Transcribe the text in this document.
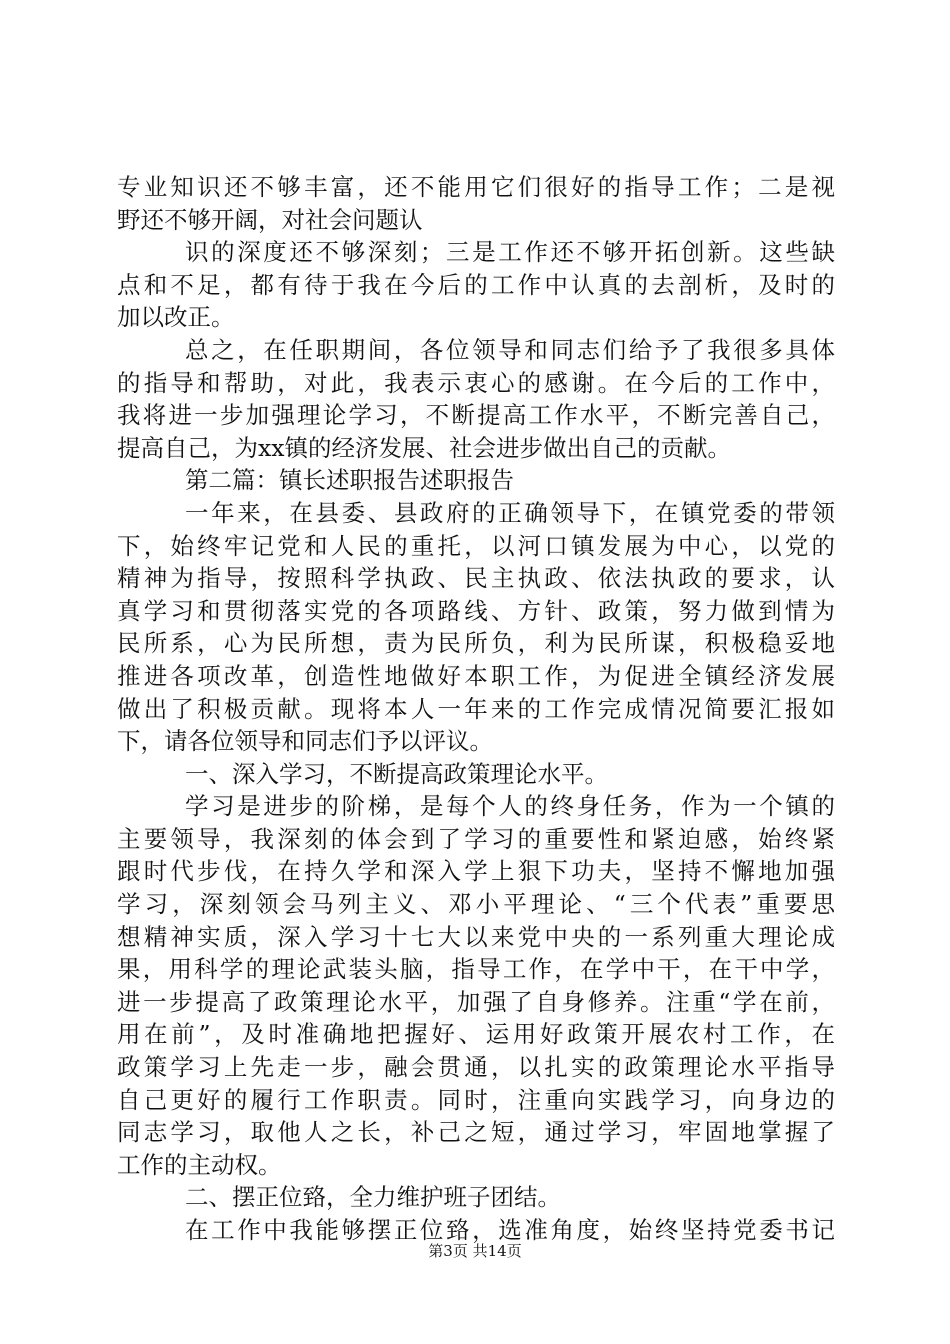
专业知识还不够丰富，还不能用它们很好的指导工作；二是视
野还不够开阔，对社会问题认
识的深度还不够深刻；三是工作还不够开拓创新。这些缺
点和不足，都有待于我在今后的工作中认真的去剖析，及时的
加以改正。
总之，在任职期间，各位领导和同志们给予了我很多具体
的指导和帮助，对此，我表示衷心的感谢。在今后的工作中，
我将进一步加强理论学习，不断提高工作水平，不断完善自己，
提高自己，为xx镇的经济发展、社会进步做出自己的贡献。
第二篇：镇长述职报告述职报告
一年来，在县委、县政府的正确领导下，在镇党委的带领
下，始终牢记党和人民的重托，以河口镇发展为中心，以党的
精神为指导，按照科学执政、民主执政、依法执政的要求，认
真学习和贯彻落实党的各项路线、方针、政策，努力做到情为
民所系，心为民所想，责为民所负，利为民所谋，积极稳妥地
推进各项改革，创造性地做好本职工作，为促进全镇经济发展
做出了积极贡献。现将本人一年来的工作完成情况简要汇报如
下，请各位领导和同志们予以评议。
一、深入学习，不断提高政策理论水平。
学习是进步的阶梯，是每个人的终身任务，作为一个镇的
主要领导，我深刻的体会到了学习的重要性和紧迫感，始终紧
跟时代步伐，在持久学和深入学上狠下功夫，坚持不懈地加强
学习，深刻领会马列主义、邓小平理论、“三个代表”重要思
想精神实质，深入学习十七大以来党中央的一系列重大理论成
果，用科学的理论武装头脑，指导工作，在学中干，在干中学，
进一步提高了政策理论水平，加强了自身修养。注重“学在前，
用在前”，及时准确地把握好、运用好政策开展农村工作，在
政策学习上先走一步，融会贯通，以扎实的政策理论水平指导
自己更好的履行工作职责。同时，注重向实践学习，向身边的
同志学习，取他人之长，补己之短，通过学习，牢固地掌握了
工作的主动权。
二、摆正位臵，全力维护班子团结。
在工作中我能够摆正位臵，选准角度，始终坚持党委书记
第3页 共14页
